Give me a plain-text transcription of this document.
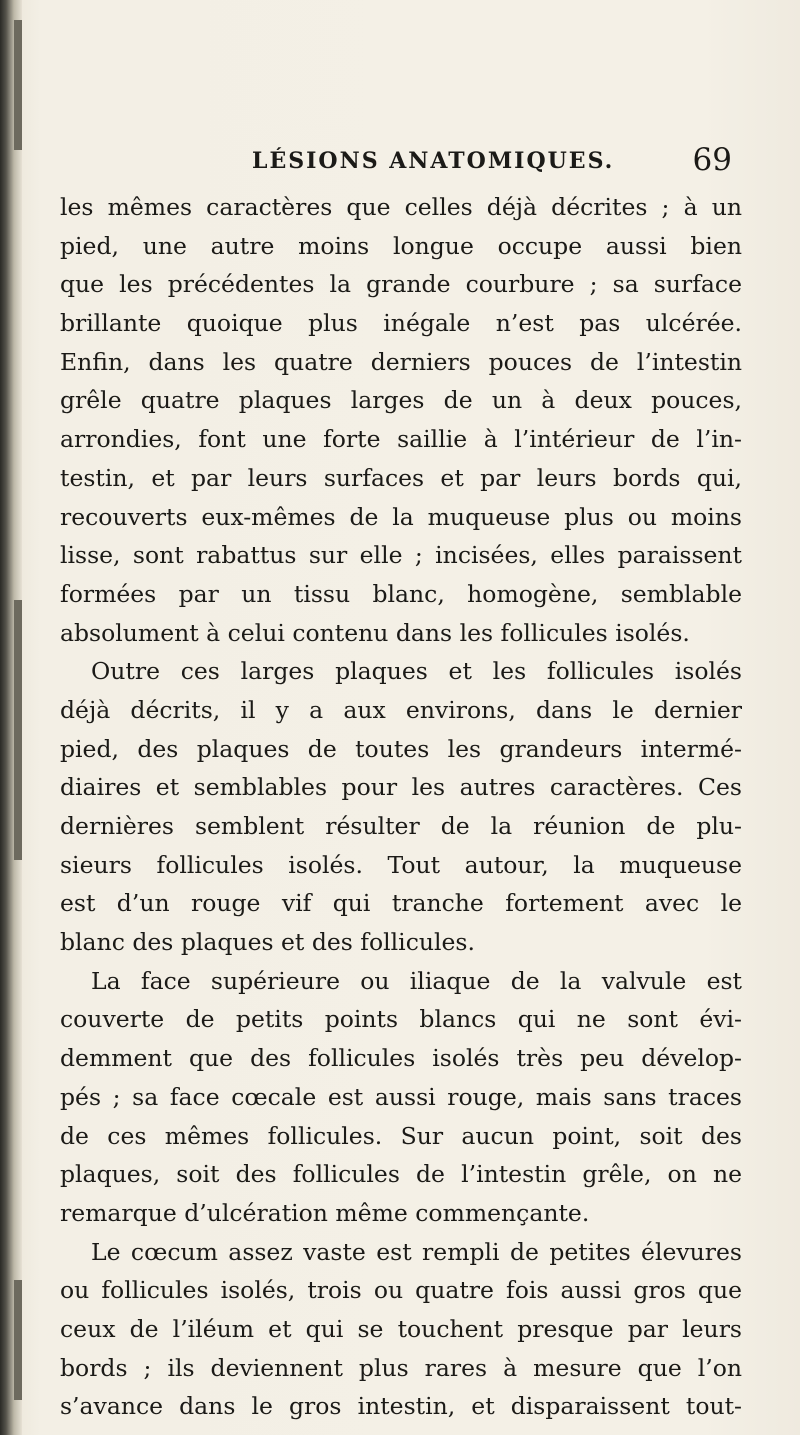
LÉSIONS ANATOMIQUES.	69
les mêmes caractères que celles déjà décrites ; à un
pied, une autre moins longue occupe aussi bien
que les précédentes la grande courbure ; sa surface
brillante quoique plus inégale n’est pas ulcérée.
Enfin, dans les quatre derniers pouces de l’intestin
grêle quatre plaques larges de un à deux pouces,
arrondies, font une forte saillie à l’intérieur de l’in-
testin, et par leurs surfaces et par leurs bords qui,
recouverts eux-mêmes de la muqueuse plus ou moins
lisse, sont rabattus sur elle ; incisées, elles paraissent
formées par un tissu blanc, homogène, semblable
absolument à celui contenu dans les follicules isolés.
Outre ces larges plaques et les follicules isolés
déjà décrits, il y a aux environs, dans le dernier
pied, des plaques de toutes les grandeurs intermé-
diaires et semblables pour les autres caractères. Ces
dernières semblent résulter de la réunion de plu-
sieurs follicules isolés. Tout autour, la muqueuse
est d’un rouge vif qui tranche fortement avec le
blanc des plaques et des follicules.
La face supérieure ou iliaque de la valvule est
couverte de petits points blancs qui ne sont évi-
demment que des follicules isolés très peu dévelop-
pés ; sa face cœcale est aussi rouge, mais sans traces
de ces mêmes follicules. Sur aucun point, soit des
plaques, soit des follicules de l’intestin grêle, on ne
remarque d’ulcération même commençante.
Le cœcum assez vaste est rempli de petites élevures
ou follicules isolés, trois ou quatre fois aussi gros que
ceux de l’iléum et qui se touchent presque par leurs
bords ; ils deviennent plus rares à mesure que l’on
s’avance dans le gros intestin, et disparaissent tout-
